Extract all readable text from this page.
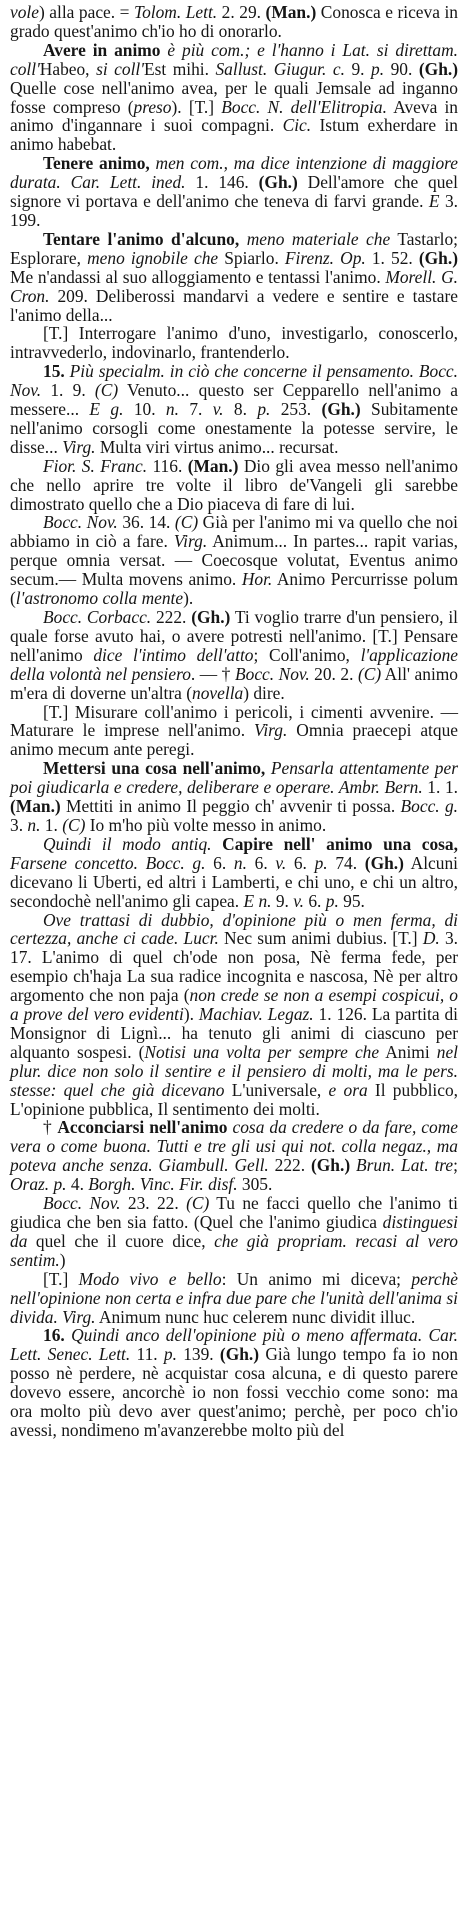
vole) alla pace. = Tolom. Lett. 2. 29. (Man.) Conosca e riceva in grado quest'animo ch'io ho di onorarlo.

Avere in animo è più com.; e l'hanno i Lat. si direttam. coll'Habeo, si coll'Est mihi. Sallust. Giugur. c. 9. p. 90. (Gh.) Quelle cose nell'animo avea, per le quali Jemsale ad inganno fosse compreso (preso). [T.] Bocc. N. dell'Elitropia. Aveva in animo d'ingannare i suoi compagni. Cic. Istum exherdare in animo habebat.

Tenere animo, men com., ma dice intenzione di maggiore durata. Car. Lett. ined. 1. 146. (Gh.) Dell'amore che quel signore vi portava e dell'animo che teneva di farvi grande. E 3. 199.

Tentare l'animo d'alcuno, meno materiale che Tastarlo; Esplorare, meno ignobile che Spiarlo. Firenz. Op. 1. 52. (Gh.) Me n'andassi al suo alloggiamento e tentassi l'animo. Morell. G. Cron. 209. Deliberossi mandarvi a vedere e sentire e tastare l'animo della...

[T.] Interrogare l'animo d'uno, investigarlo, conoscerlo, intravvederlo, indovinarlo, frantenderlo.

15. Più specialm. in ciò che concerne il pensamento. Bocc. Nov. 1. 9. (C) Venuto... questo ser Cepparello nell'animo a messere... E g. 10. n. 7. v. 8. p. 253. (Gh.) Subitamente nell'animo corsogli come onestamente la potesse servire, le disse... Virg. Multa viri virtus animo... recursat.

Fior. S. Franc. 116. (Man.) Dio gli avea messo nell'animo che nello aprire tre volte il libro de'Vangeli gli sarebbe dimostrato quello che a Dio piaceva di fare di lui.

Bocc. Nov. 36. 14. (C) Già per l'animo mi va quello che noi abbiamo in ciò a fare. Virg. Animum... In partes... rapit varias, perque omnia versat. — Coecosque volutat, Eventus animo secum.— Multa movens animo. Hor. Animo Percurrisse polum (l'astronomo colla mente).

Bocc. Corbacc. 222. (Gh.) Ti voglio trarre d'un pensiero, il quale forse avuto hai, o avere potresti nell'animo. [T.] Pensare nell'animo dice l'intimo dell'atto; Coll'animo, l'applicazione della volontà nel pensiero. — † Bocc. Nov. 20. 2. (C) All' animo m'era di doverne un'altra (novella) dire.

[T.] Misurare coll'animo i pericoli, i cimenti avvenire. — Maturare le imprese nell'animo. Virg. Omnia praecepi atque animo mecum ante peregi.

Mettersi una cosa nell'animo, Pensarla attentamente per poi giudicarla e credere, deliberare e operare. Ambr. Bern. 1. 1. (Man.) Mettiti in animo Il peggio ch' avvenir ti possa. Bocc. g. 3. n. 1. (C) Io m'ho più volte messo in animo.

Quindi il modo antiq. Capire nell' animo una cosa, Farsene concetto. Bocc. g. 6. n. 6. v. 6. p. 74. (Gh.) Alcuni dicevano li Uberti, ed altri i Lamberti, e chi uno, e chi un altro, secondochè nell'animo gli capea. E n. 9. v. 6. p. 95.

Ove trattasi di dubbio, d'opinione più o men ferma, di certezza, anche ci cade. Lucr. Nec sum animi dubius. [T.] D. 3. 17. L'animo di quel ch'ode non posa, Nè ferma fede, per esempio ch'haja La sua radice incognita e nascosa, Nè per altro argomento che non paja (non crede se non a esempi cospicui, o a prove del vero evidenti). Machiav. Legaz. 1. 126. La partita di Monsignor di Lignì... ha tenuto gli animi di ciascuno per alquanto sospesi. (Notisi una volta per sempre che Animi nel plur. dice non solo il sentire e il pensiero di molti, ma le pers. stesse: quel che già dicevano L'universale, e ora Il pubblico, L'opinione pubblica, Il sentimento dei molti.

† Acconciarsi nell'animo cosa da credere o da fare, come vera o come buona. Tutti e tre gli usi qui not. colla negaz., ma poteva anche senza. Giambull. Gell. 222. (Gh.) Brun. Lat. tre; Oraz. p. 4. Borgh. Vinc. Fir. disf. 305.

Bocc. Nov. 23. 22. (C) Tu ne facci quello che l'animo ti giudica che ben sia fatto. (Quel che l'animo giudica distinguesi da quel che il cuore dice, che già propriam. recasi al vero sentim.)

[T.] Modo vivo e bello: Un animo mi diceva; perchè nell'opinione non certa e infra due pare che l'unità dell'anima si divida. Virg. Animum nunc huc celerem nunc dividit illuc.

16. Quindi anco dell'opinione più o meno affermata. Car. Lett. Senec. Lett. 11. p. 139. (Gh.) Già lungo tempo fa io non posso nè perdere, nè acquistar cosa alcuna, e di questo parere dovevo essere, ancorchè io non fossi vecchio come sono: ma ora molto più devo aver quest'animo; perchè, per poco ch'io avessi, nondimeno m'avanzerebbe molto più del
